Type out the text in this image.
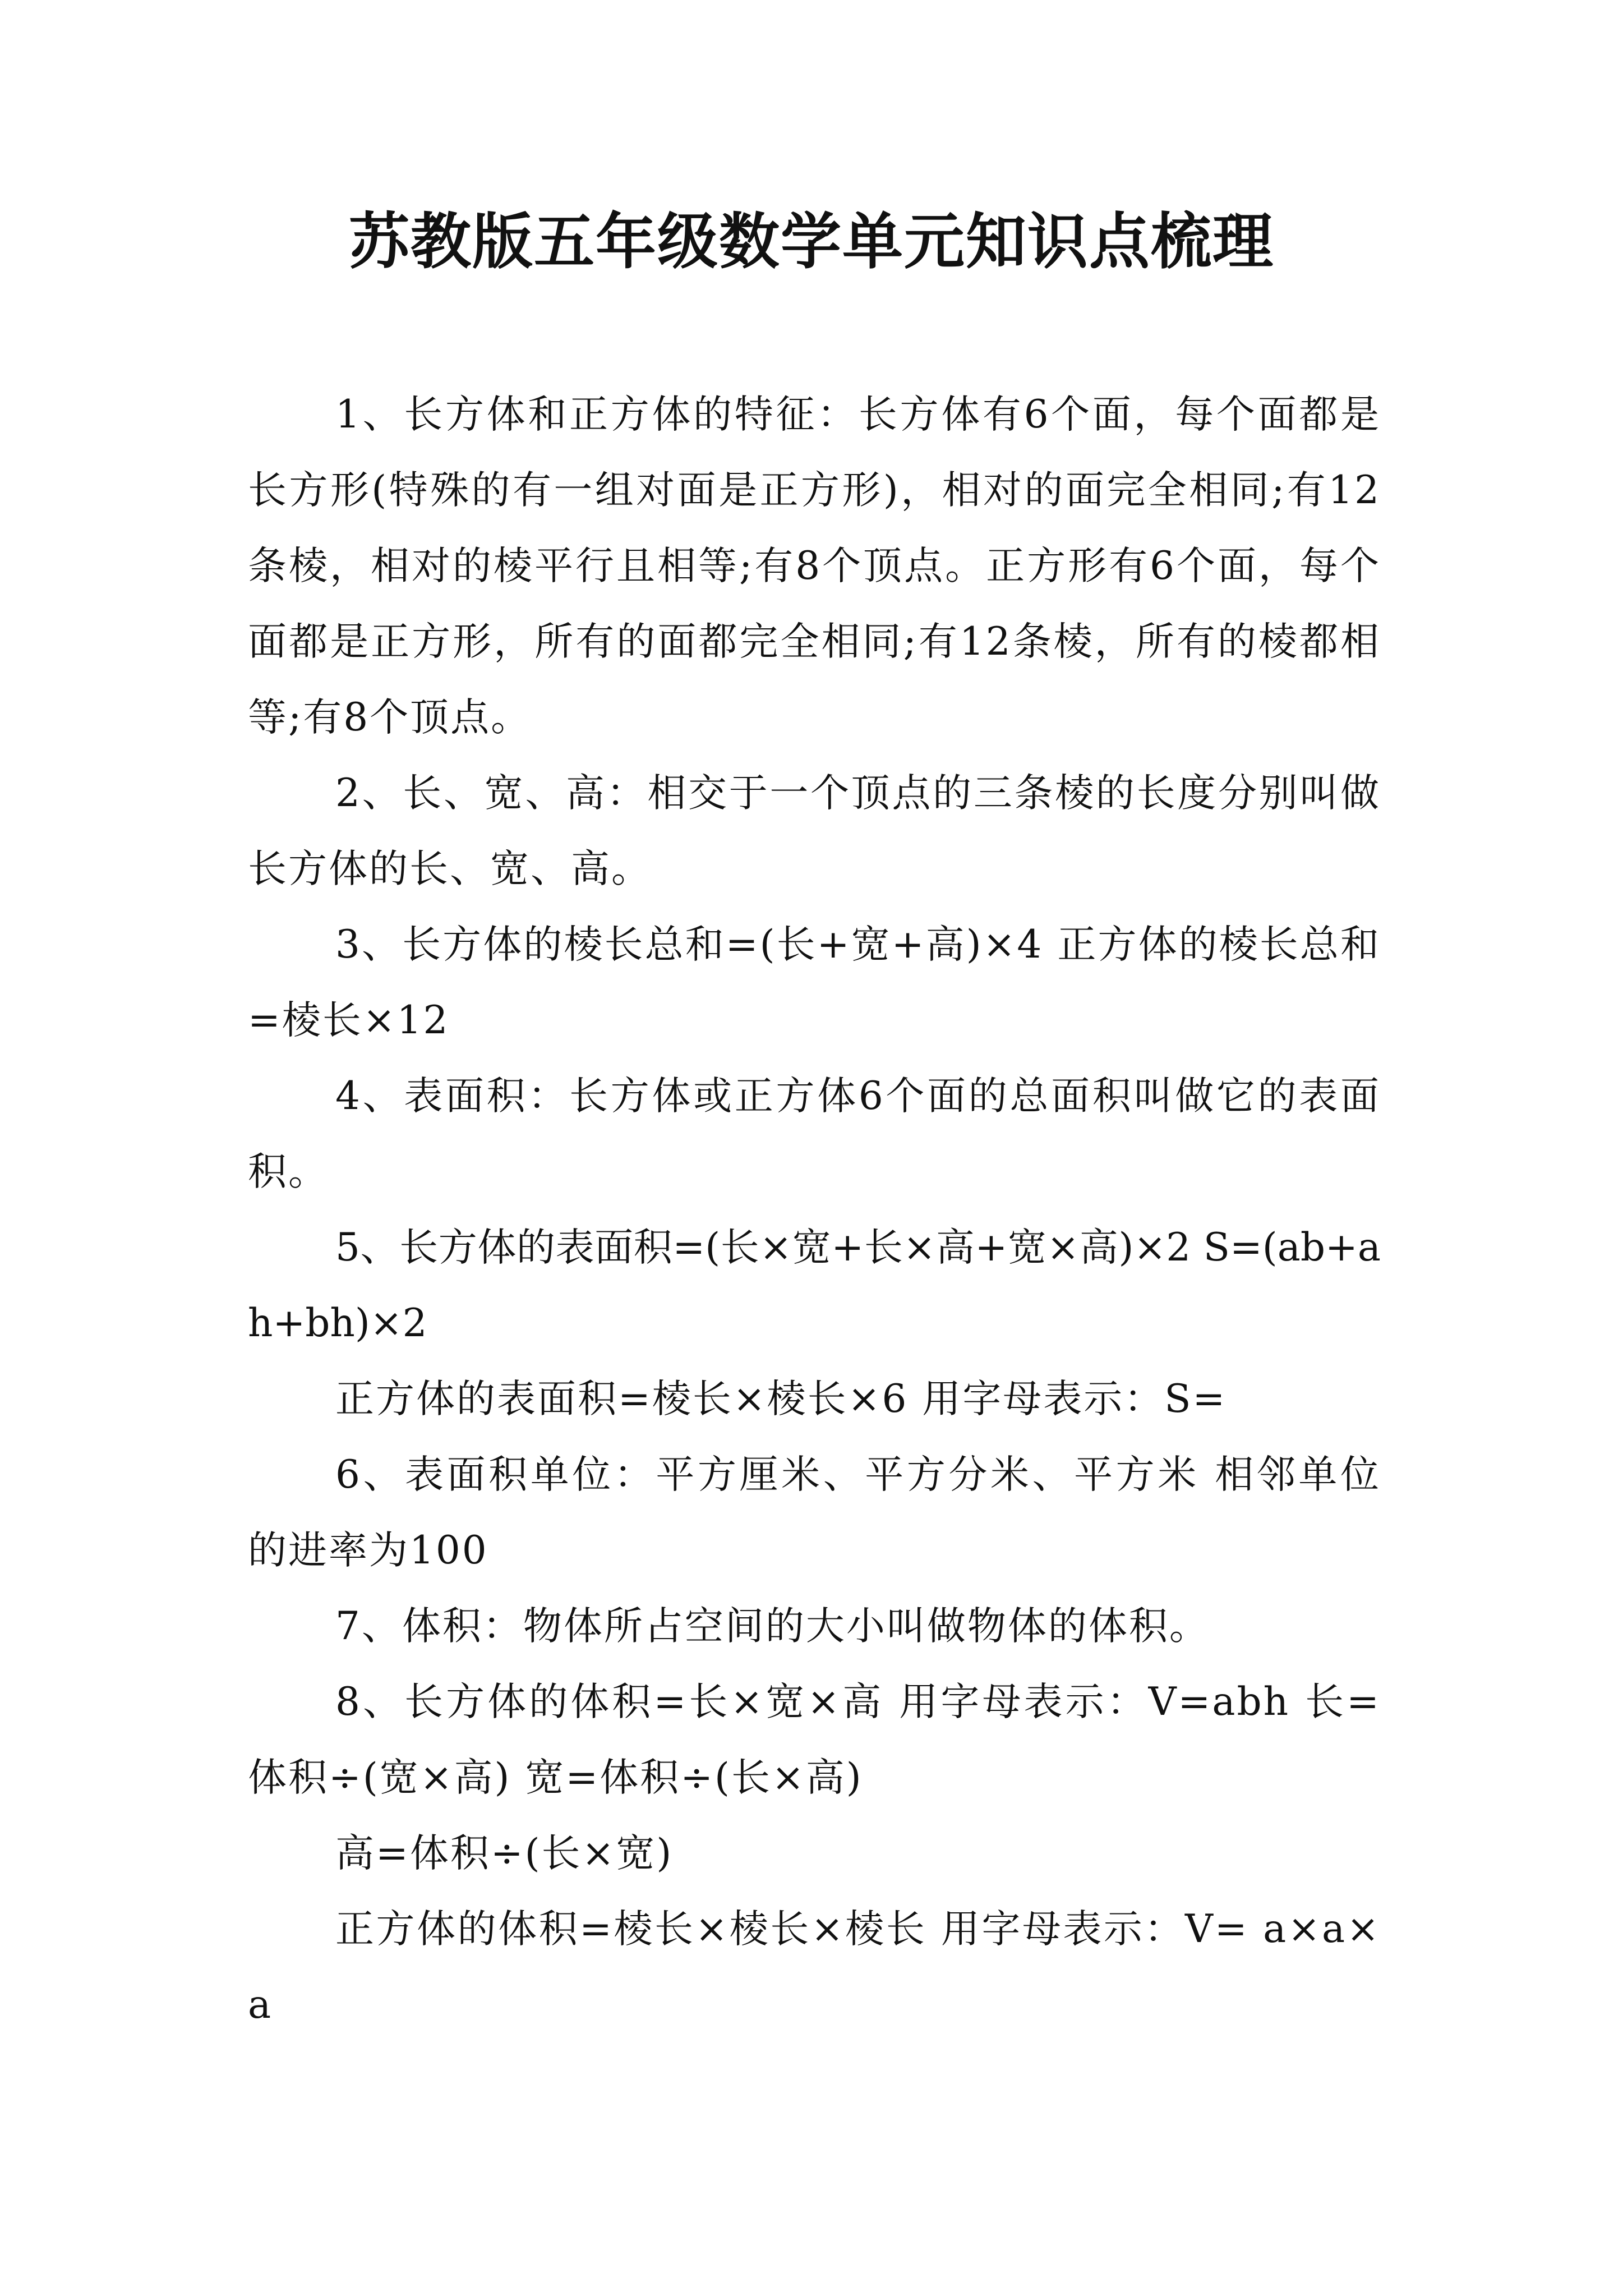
苏教版五年级数学单元知识点梳理

1、长方体和正方体的特征：长方体有6个面，每个面都是长方形(特殊的有一组对面是正方形)，相对的面完全相同;有12条棱，相对的棱平行且相等;有8个顶点。正方形有6个面，每个面都是正方形，所有的面都完全相同;有12条棱，所有的棱都相等;有8个顶点。

2、长、宽、高：相交于一个顶点的三条棱的长度分别叫做长方体的长、宽、高。

3、长方体的棱长总和=(长+宽+高)×4 正方体的棱长总和=棱长×12

4、表面积：长方体或正方体6个面的总面积叫做它的表面积。

5、长方体的表面积=(长×宽+长×高+宽×高)×2 S=(ab+ah+bh)×2

正方体的表面积=棱长×棱长×6 用字母表示：S=

6、表面积单位：平方厘米、平方分米、平方米 相邻单位的进率为100

7、体积：物体所占空间的大小叫做物体的体积。

8、长方体的体积=长×宽×高 用字母表示：V=abh 长=体积÷(宽×高) 宽=体积÷(长×高)

高=体积÷(长×宽)

正方体的体积=棱长×棱长×棱长 用字母表示：V= a×a×a
